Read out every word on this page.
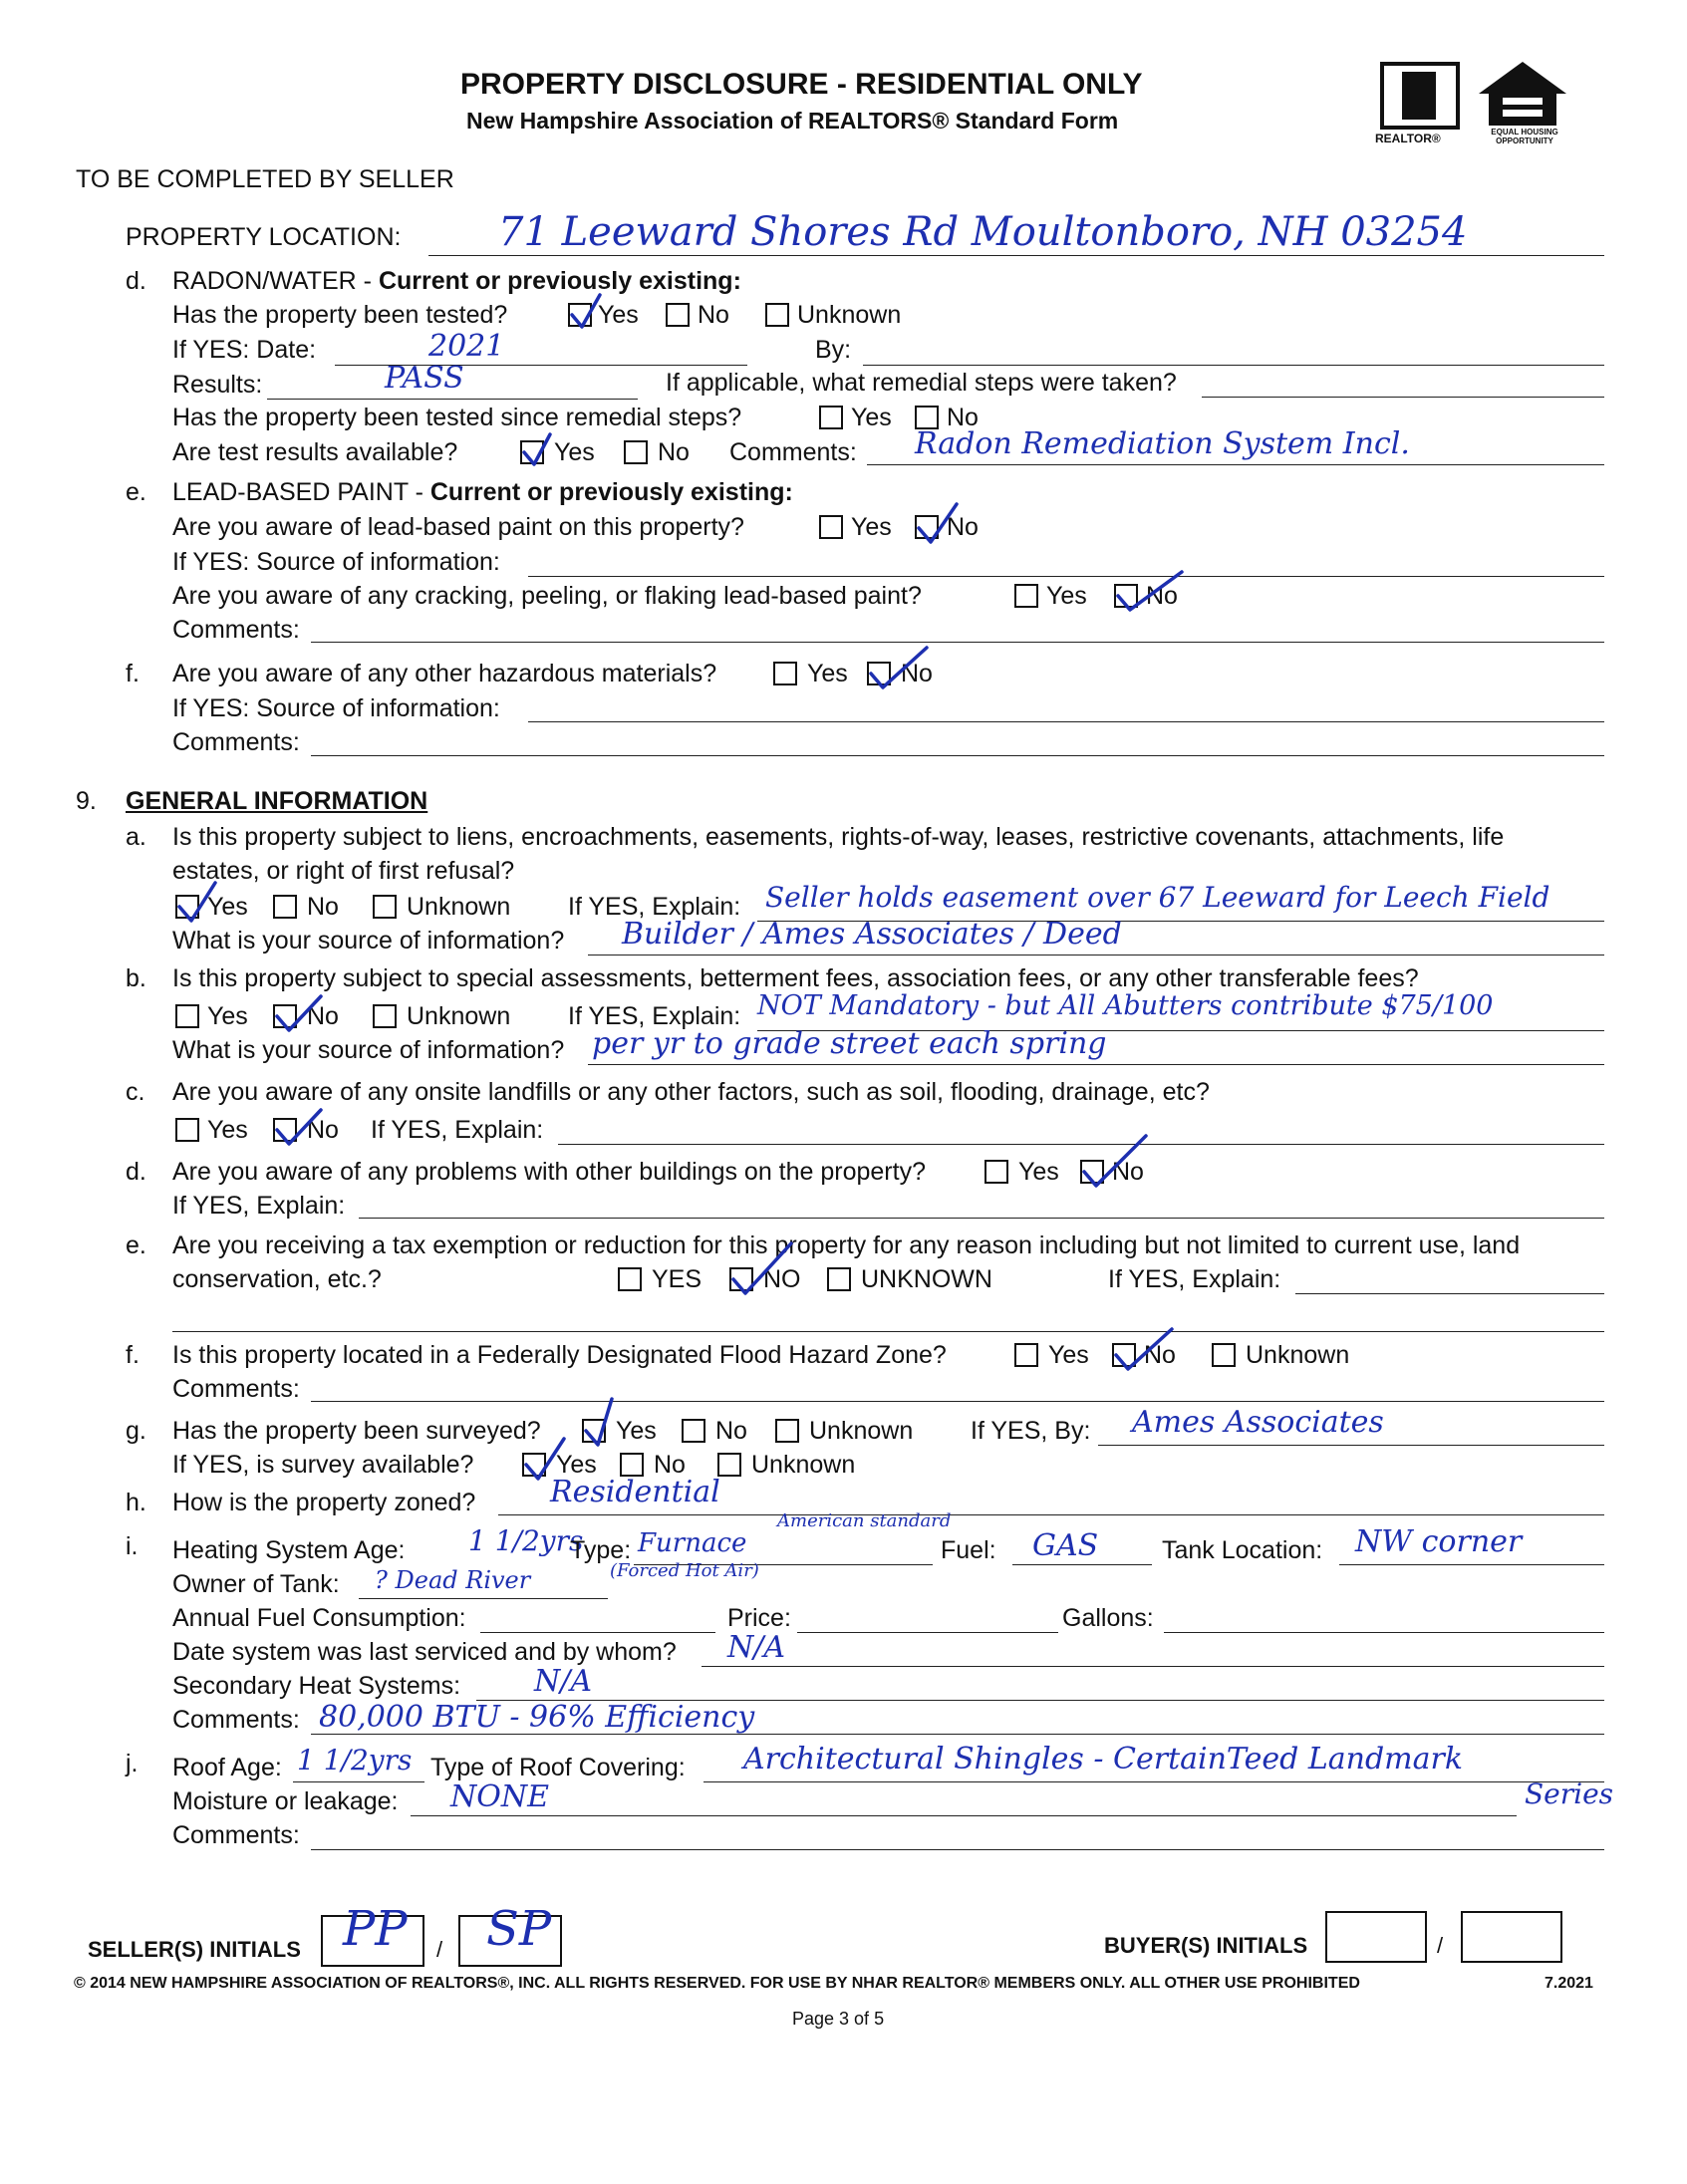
PROPERTY DISCLOSURE - RESIDENTIAL ONLY
New Hampshire Association of REALTORS® Standard Form
REALTOR®	EQUAL HOUSING OPPORTUNITY
TO BE COMPLETED BY SELLER
PROPERTY LOCATION: 71 Leeward Shores Rd Moultonboro, NH 03254
d. RADON/WATER - Current or previously existing:
Has the property been tested?	Yes No	Unknown
If YES: Date:	2021	By:
Results:	PASS	If applicable, what remedial steps were taken?
Has the property been tested since remedial steps?	Yes No
Are test results available?	Yes	No Comments: Radon Remediation System Incl.
e. LEAD-BASED PAINT - Current or previously existing:
Are you aware of lead-based paint on this property?	Yes No
If YES: Source of information:
Are you aware of any cracking, peeling, or flaking lead-based paint?	Yes No
Comments:
f. Are you aware of any other hazardous materials?	Yes No
If YES: Source of information:
Comments:
9. GENERAL INFORMATION
a. Is this property subject to liens, encroachments, easements, rights-of-way, leases, restrictive covenants, attachments, life
estates, or right of first refusal?
Yes No	Unknown If YES, Explain: Seller holds easement over 67 Leeward for Leech Field
What is your source of information? Builder / Ames Associates / Deed
b. Is this property subject to special assessments, betterment fees, association fees, or any other transferable fees?
Yes No	Unknown If YES, Explain: NOT Mandatory - but All Abutters contribute $75/100
What is your source of information? per yr to grade street each spring
c. Are you aware of any onsite landfills or any other factors, such as soil, flooding, drainage, etc?
Yes No If YES, Explain:
d. Are you aware of any problems with other buildings on the property?	Yes No
If YES, Explain:
e. Are you receiving a tax exemption or reduction for this property for any reason including but not limited to current use, land
conservation, etc.?	YES NO UNKNOWN	If YES, Explain:
f. Is this property located in a Federally Designated Flood Hazard Zone?	Yes No	Unknown
Comments:
g. Has the property been surveyed?	Yes No Unknown If YES, By: Ames Associates
If YES, is survey available?	Yes No	Unknown
h. How is the property zoned? Residential
i. Heating System Age: 1 1/2yrs
Type: Furnace
American standard
Fuel: GAS	Tank Location: NW corner
Owner of Tank: ? Dead River	(Forced Hot Air)
Annual Fuel Consumption:	Price:	Gallons:
Date system was last serviced and by whom? N/A
Secondary Heat Systems: N/A
Comments: 80,000 BTU - 96% Efficiency
j. Roof Age: 1 1/2yrs Type of Roof Covering: Architectural Shingles - CertainTeed Landmark
Series
Moisture or leakage: NONE
Comments:
SELLER(S) INITIALS PP / SP	BUYER(S) INITIALS	/
© 2014 NEW HAMPSHIRE ASSOCIATION OF REALTORS®, INC. ALL RIGHTS RESERVED. FOR USE BY NHAR REALTOR® MEMBERS ONLY. ALL OTHER USE PROHIBITED	7.2021
Page 3 of 5
